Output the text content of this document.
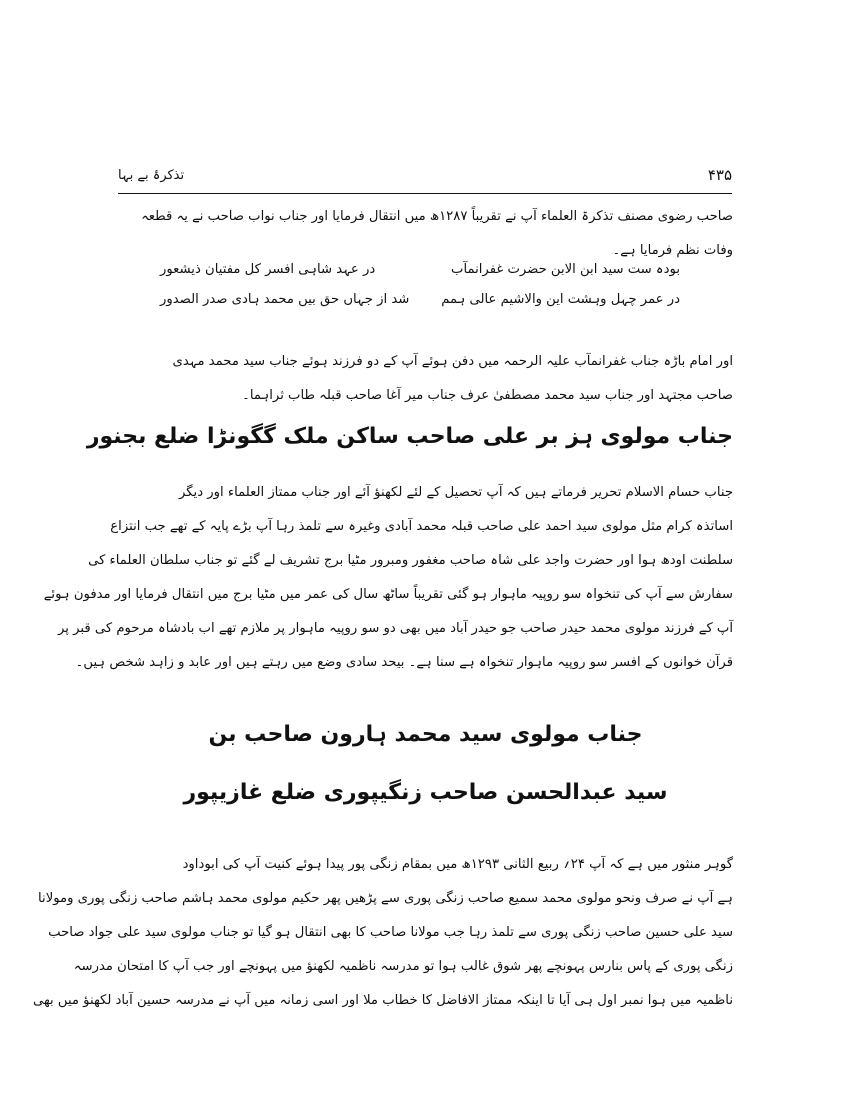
۴۳۵
تذکرۂ بے بہا
صاحب رضوی مصنف تذکرۃ العلماء آپ نے تقریباً ۱۲۸۷ھ میں انتقال فرمایا اور جناب نواب صاحب نے یہ قطعہ
وفات نظم فرمایا ہے۔
بودہ ست سید ابن الابن حضرت غفرانمآب
در عہد شاہی افسر کل مفتیان ذیشعور
در عمر چہل وہشت این والاشیم عالی ہمم
شد از جہاں حق بیں محمد ہادی صدر الصدور
اور امام باڑہ جناب غفرانمآب علیہ الرحمہ میں دفن ہوئے آپ کے دو فرزند ہوئے جناب سید محمد مہدی
صاحب مجتہد اور جناب سید محمد مصطفیٰ عرف جناب میر آغا صاحب قبلہ طاب ثراہما۔
جناب مولوی ہز بر علی صاحب ساکن ملک گگونڑا ضلع بجنور
جناب حسام الاسلام تحریر فرماتے ہیں کہ آپ تحصیل کے لئے لکھنؤ آئے اور جناب ممتاز العلماء اور دیگر
اساتذہ کرام مثل مولوی سید احمد علی صاحب قبلہ محمد آبادی وغیرہ سے تلمذ رہا آپ بڑے پایہ کے تھے جب انتزاع
سلطنت اودھ ہوا اور حضرت واجد علی شاہ صاحب مغفور ومبرور مٹیا برج تشریف لے گئے تو جناب سلطان العلماء کی
سفارش سے آپ کی تنخواہ سو روپیہ ماہوار ہو گئی تقریباً ساٹھ سال کی عمر میں مٹیا برج میں انتقال فرمایا اور مدفون ہوئے
آپ کے فرزند مولوی محمد حیدر صاحب جو حیدر آباد میں بھی دو سو روپیہ ماہوار پر ملازم تھے اب بادشاہ مرحوم کی قبر پر
قرآن خوانوں کے افسر سو روپیہ ماہوار تنخواہ ہے سنا ہے۔ بیحد سادی وضع میں رہتے ہیں اور عابد و زاہد شخص ہیں۔
جناب مولوی سید محمد ہارون صاحب بن
سید عبدالحسن صاحب زنگیپوری ضلع غازیپور
گوہر منثور میں ہے کہ آپ ۲۴؍ ربیع الثانی ۱۲۹۳ھ میں بمقام زنگی پور پیدا ہوئے کنیت آپ کی ابوداود
ہے آپ نے صرف ونحو مولوی محمد سمیع صاحب زنگی پوری سے پڑھیں پھر حکیم مولوی محمد ہاشم صاحب زنگی پوری ومولانا
سید علی حسین صاحب زنگی پوری سے تلمذ رہا جب مولانا صاحب کا بھی انتقال ہو گیا تو جناب مولوی سید علی جواد صاحب
زنگی پوری کے پاس بنارس پہونچے پھر شوق غالب ہوا تو مدرسہ ناظمیہ لکھنؤ میں پہونچے اور جب آپ کا امتحان مدرسہ
ناظمیہ میں ہوا نمبر اول ہی آیا تا اینکہ ممتاز الافاضل کا خطاب ملا اور اسی زمانہ میں آپ نے مدرسہ حسین آباد لکھنؤ میں بھی
